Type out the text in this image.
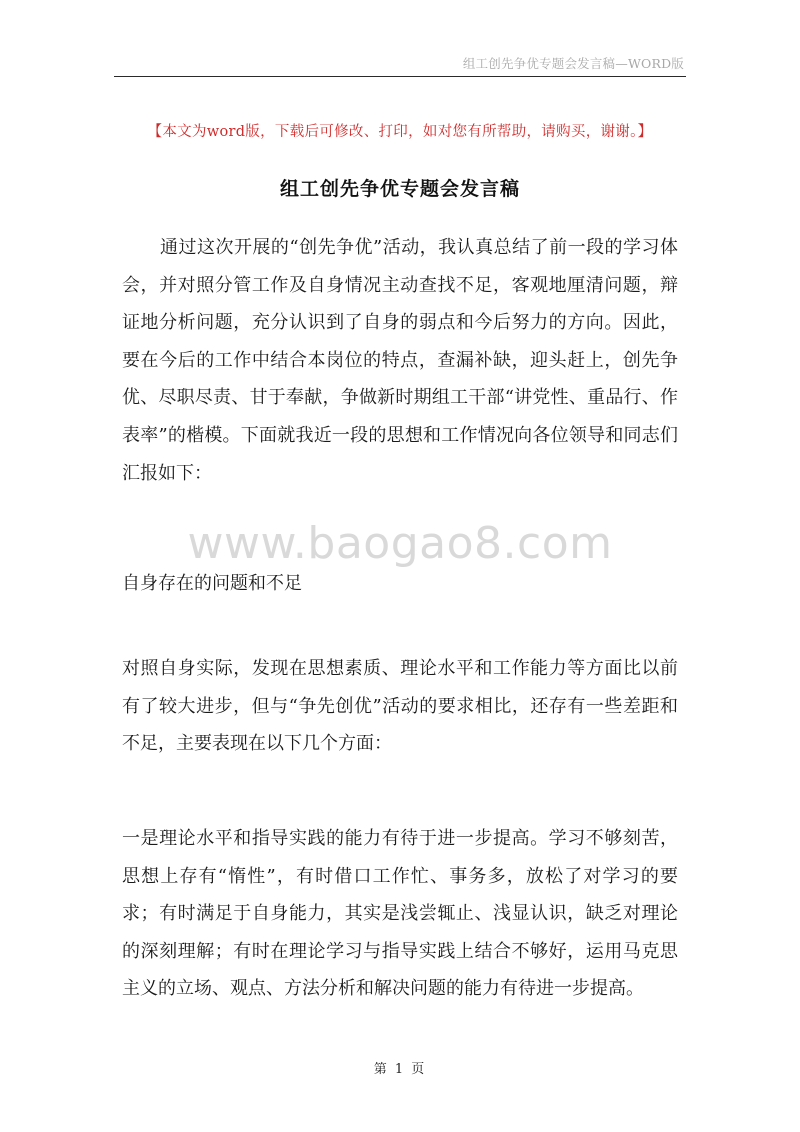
组工创先争优专题会发言稿—WORD版
【本文为word版，下载后可修改、打印，如对您有所帮助，请购买，谢谢。】
组工创先争优专题会发言稿

通过这次开展的“创先争优”活动，我认真总结了前一段的学习体会，并对照分管工作及自身情况主动查找不足，客观地厘清问题，辩证地分析问题，充分认识到了自身的弱点和今后努力的方向。因此，要在今后的工作中结合本岗位的特点，查漏补缺，迎头赶上，创先争优、尽职尽责、甘于奉献，争做新时期组工干部“讲党性、重品行、作表率”的楷模。下面就我近一段的思想和工作情况向各位领导和同志们汇报如下：

www.baogao8.com

自身存在的问题和不足

对照自身实际，发现在思想素质、理论水平和工作能力等方面比以前有了较大进步，但与“争先创优”活动的要求相比，还存有一些差距和不足，主要表现在以下几个方面：

一是理论水平和指导实践的能力有待于进一步提高。学习不够刻苦，思想上存有“惰性”，有时借口工作忙、事务多，放松了对学习的要求；有时满足于自身能力，其实是浅尝辄止、浅显认识，缺乏对理论的深刻理解；有时在理论学习与指导实践上结合不够好，运用马克思主义的立场、观点、方法分析和解决问题的能力有待进一步提高。

第 1 页
